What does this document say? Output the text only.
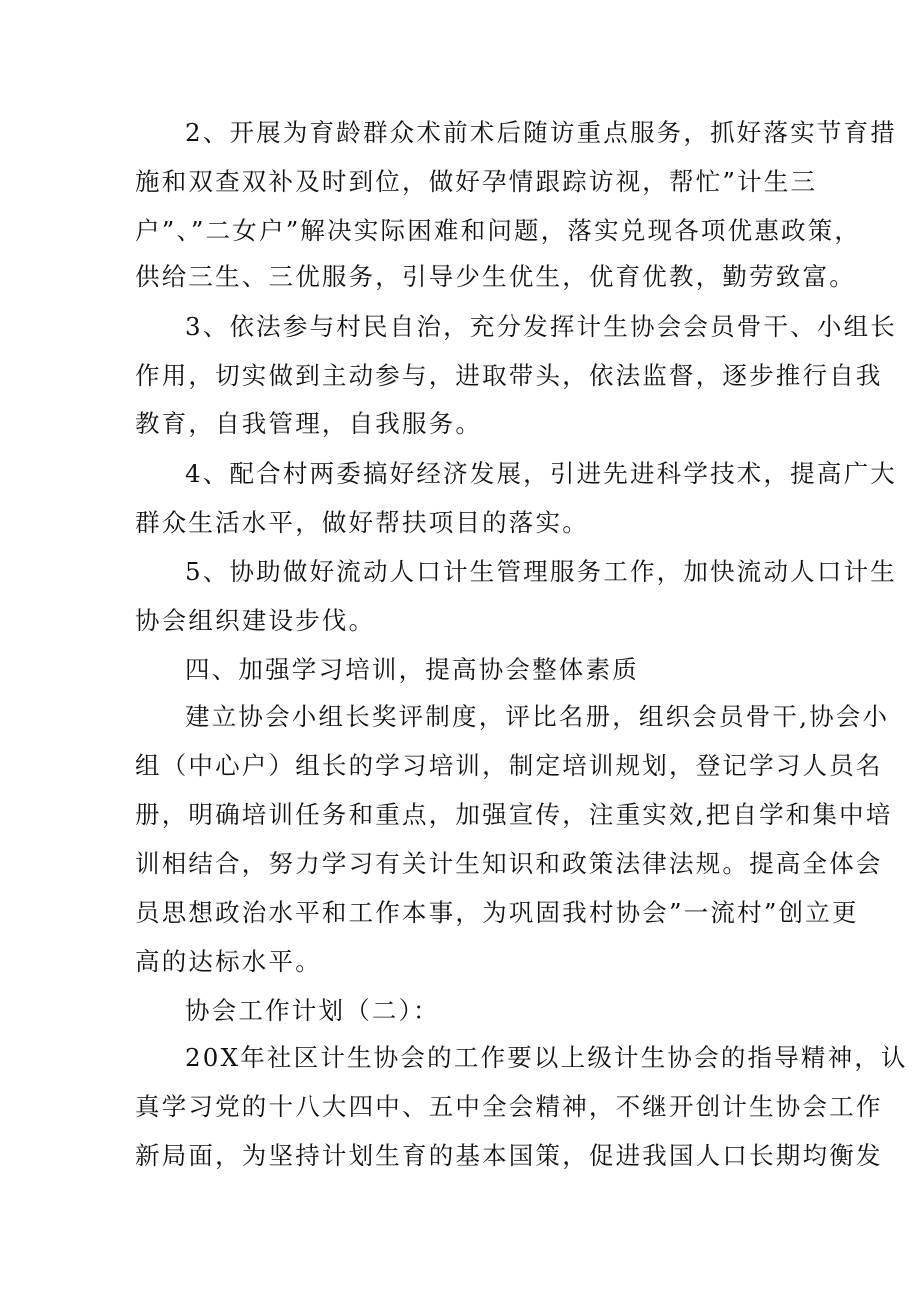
2、开展为育龄群众术前术后随访重点服务，抓好落实节育措
施和双查双补及时到位，做好孕情跟踪访视，帮忙”计生三
户”、”二女户”解决实际困难和问题，落实兑现各项优惠政策，
供给三生、三优服务，引导少生优生，优育优教，勤劳致富。
3、依法参与村民自治，充分发挥计生协会会员骨干、小组长
作用，切实做到主动参与，进取带头，依法监督，逐步推行自我
教育，自我管理，自我服务。
4、配合村两委搞好经济发展，引进先进科学技术，提高广大
群众生活水平，做好帮扶项目的落实。
5、协助做好流动人口计生管理服务工作，加快流动人口计生
协会组织建设步伐。
四、加强学习培训，提高协会整体素质
建立协会小组长奖评制度，评比名册，组织会员骨干,协会小
组（中心户）组长的学习培训，制定培训规划，登记学习人员名
册，明确培训任务和重点，加强宣传，注重实效,把自学和集中培
训相结合，努力学习有关计生知识和政策法律法规。提高全体会
员思想政治水平和工作本事，为巩固我村协会”一流村”创立更
高的达标水平。
协会工作计划（二）：
20X年社区计生协会的工作要以上级计生协会的指导精神，认
真学习党的十八大四中、五中全会精神，不继开创计生协会工作
新局面，为坚持计划生育的基本国策，促进我国人口长期均衡发
